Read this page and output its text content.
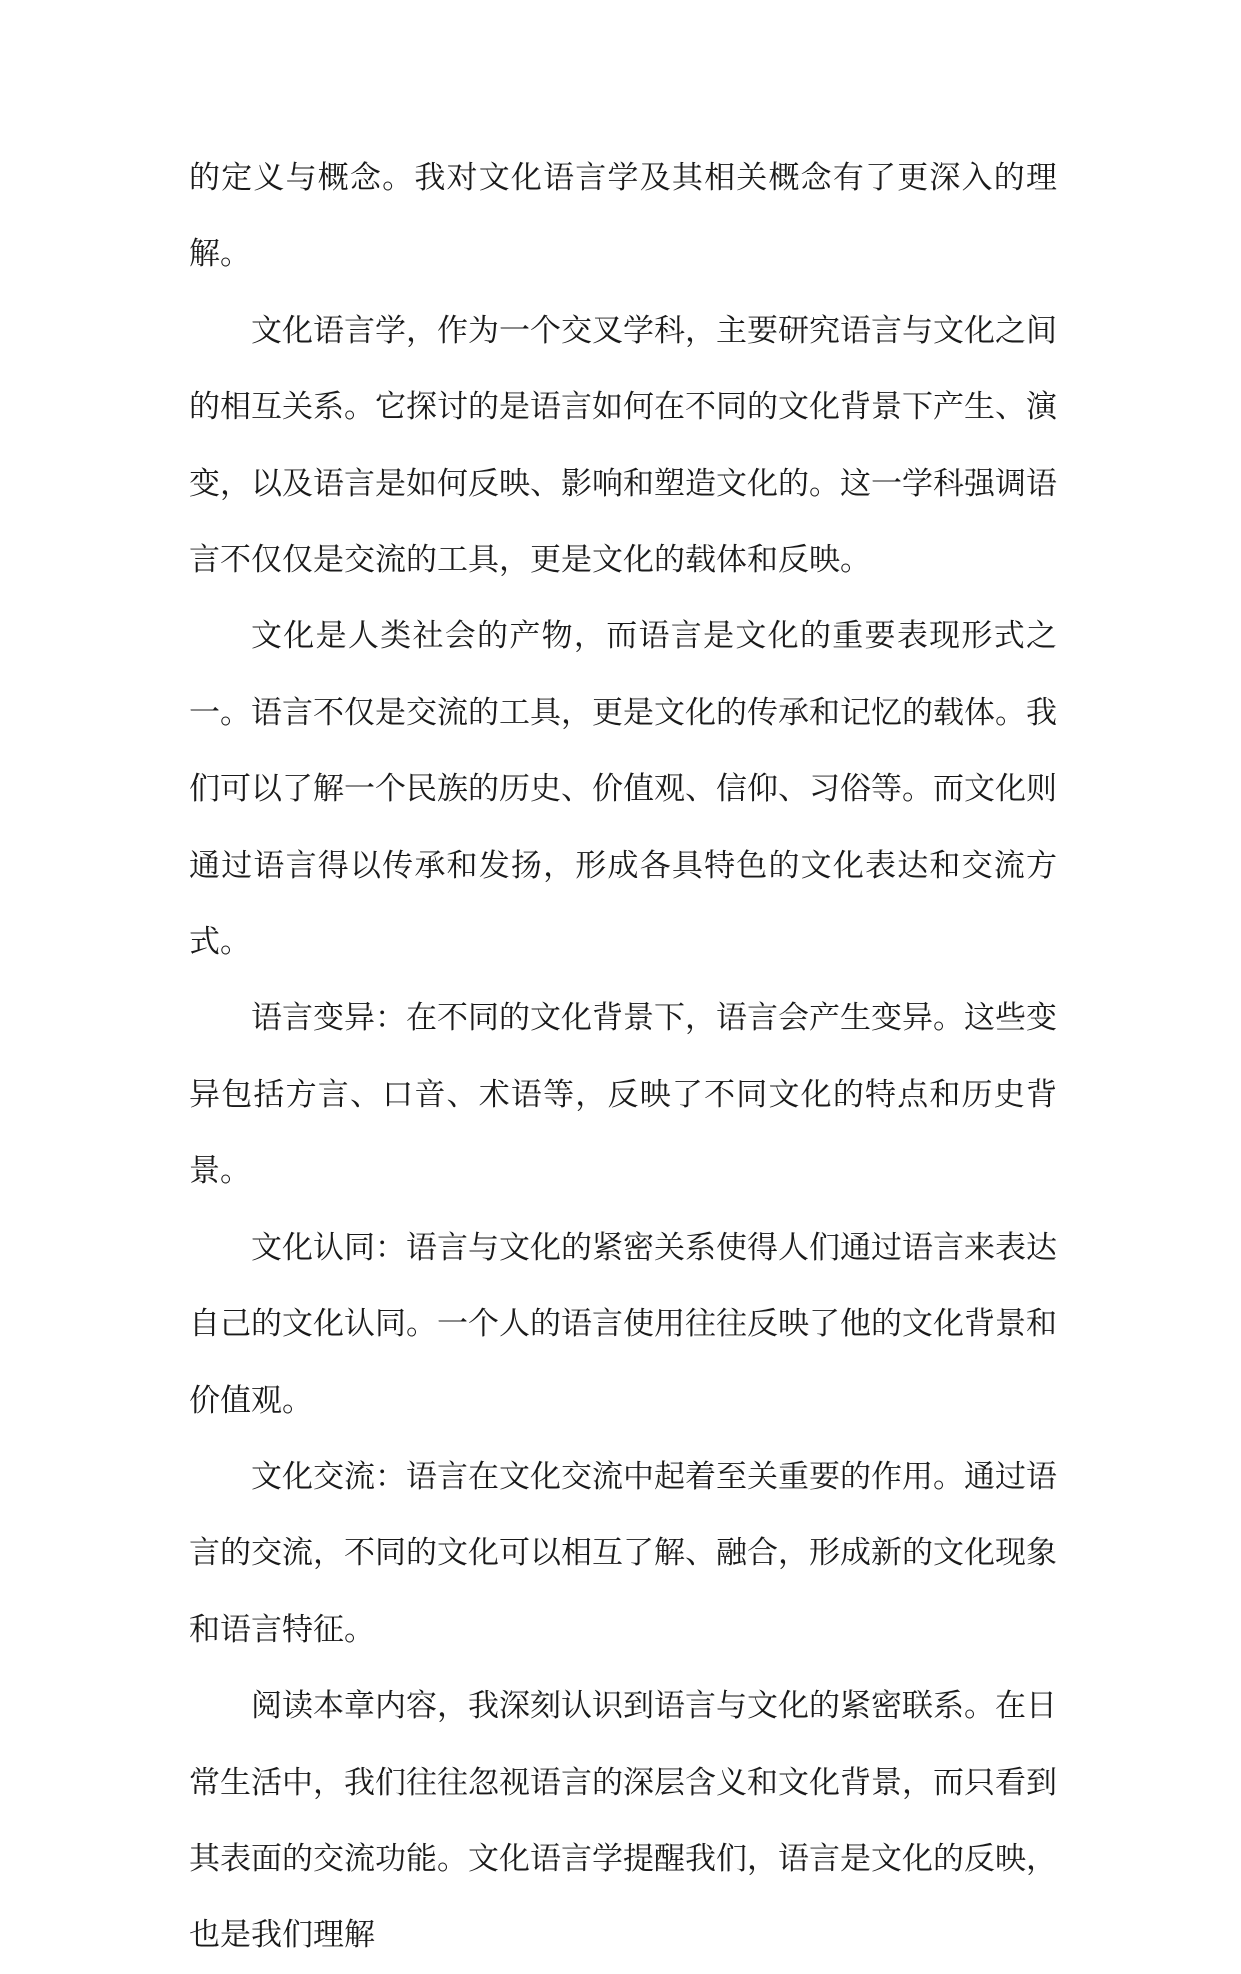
的定义与概念。我对文化语言学及其相关概念有了更深入的理解。

文化语言学，作为一个交叉学科，主要研究语言与文化之间的相互关系。它探讨的是语言如何在不同的文化背景下产生、演变，以及语言是如何反映、影响和塑造文化的。这一学科强调语言不仅仅是交流的工具，更是文化的载体和反映。

文化是人类社会的产物，而语言是文化的重要表现形式之一。语言不仅是交流的工具，更是文化的传承和记忆的载体。我们可以了解一个民族的历史、价值观、信仰、习俗等。而文化则通过语言得以传承和发扬，形成各具特色的文化表达和交流方式。

语言变异：在不同的文化背景下，语言会产生变异。这些变异包括方言、口音、术语等，反映了不同文化的特点和历史背景。

文化认同：语言与文化的紧密关系使得人们通过语言来表达自己的文化认同。一个人的语言使用往往反映了他的文化背景和价值观。

文化交流：语言在文化交流中起着至关重要的作用。通过语言的交流，不同的文化可以相互了解、融合，形成新的文化现象和语言特征。

阅读本章内容，我深刻认识到语言与文化的紧密联系。在日常生活中，我们往往忽视语言的深层含义和文化背景，而只看到其表面的交流功能。文化语言学提醒我们，语言是文化的反映，也是我们理解
